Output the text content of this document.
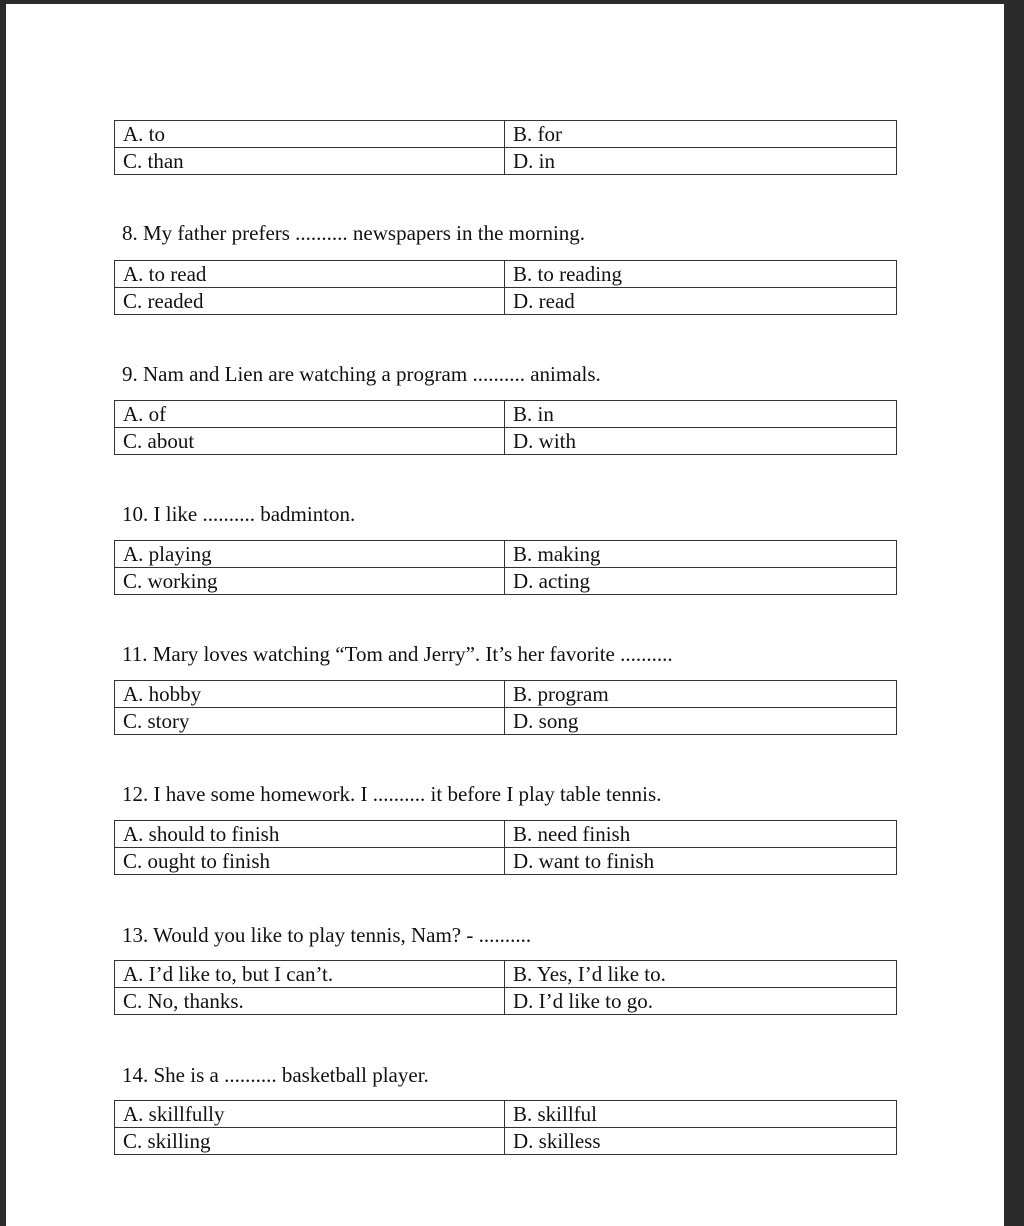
A. to	B. for
C. than	D. in
8. My father prefers .......... newspapers in the morning.
A. to read	B. to reading
C. readed	D. read
9. Nam and Lien are watching a program .......... animals.
A. of	B. in
C. about	D. with
10. I like .......... badminton.
A. playing	B. making
C. working	D. acting
11. Mary loves watching “Tom and Jerry”. It’s her favorite ..........
A. hobby	B. program
C. story	D. song
12. I have some homework. I .......... it before I play table tennis.
A. should to finish	B. need finish
C. ought to finish	D. want to finish
13. Would you like to play tennis, Nam? - ..........
A. I’d like to, but I can’t.	B. Yes, I’d like to.
C. No, thanks.	D. I’d like to go.
14. She is a .......... basketball player.
A. skillfully	B. skillful
C. skilling	D. skilless
